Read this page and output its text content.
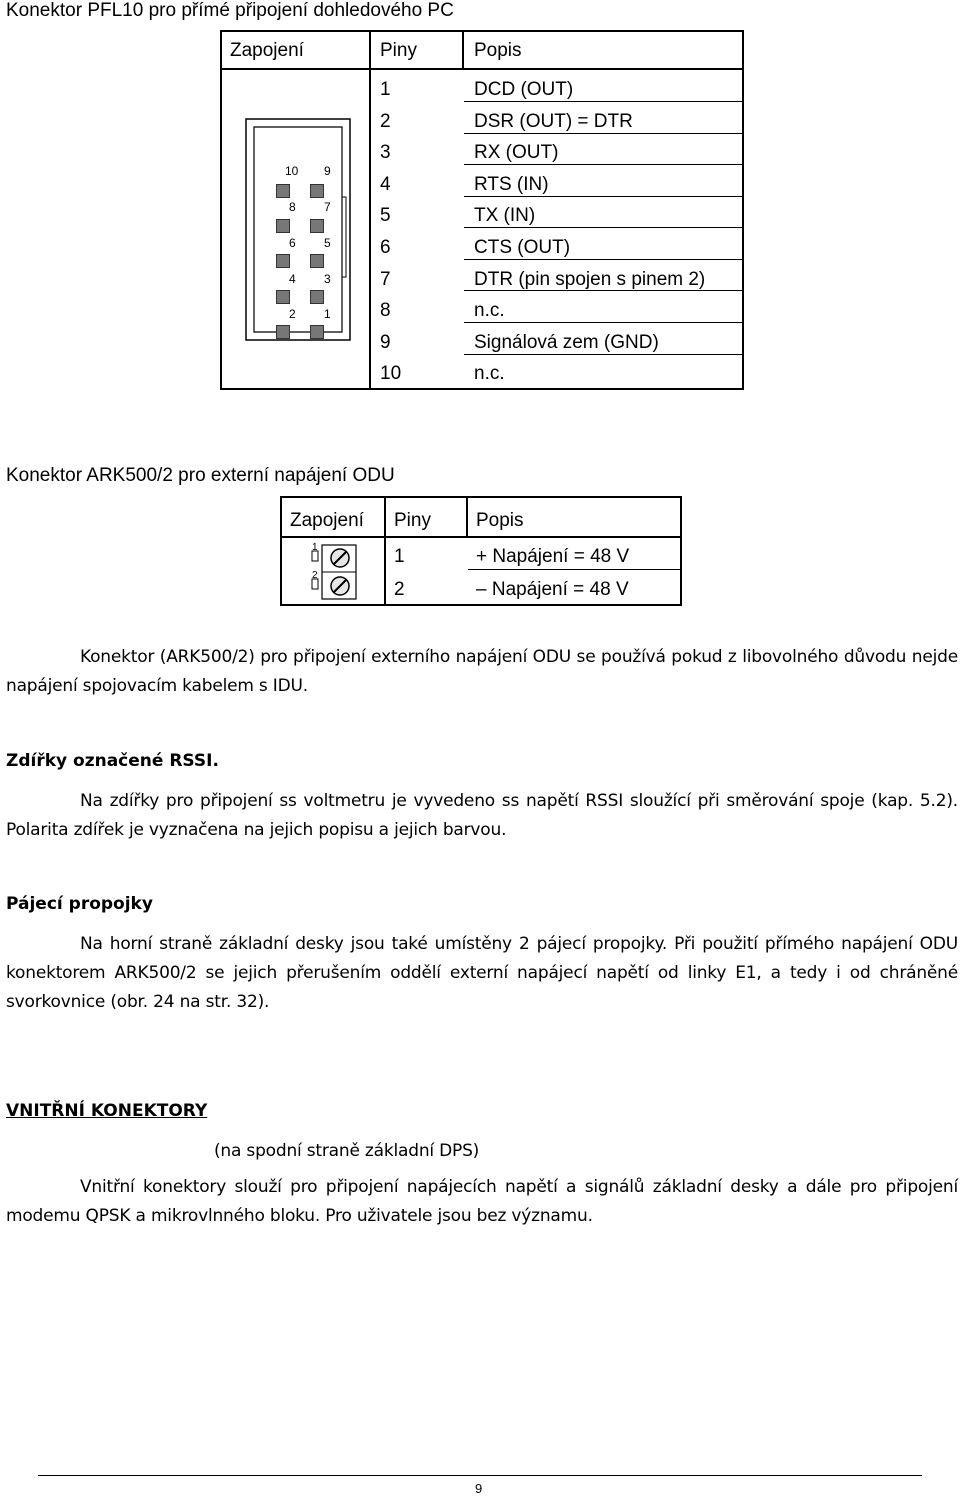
Konektor PFL10 pro přímé připojení dohledového PC
Zapojení	Piny	Popis
10 9
8 7
6 5
4 3
2 1
1	DCD (OUT)
2	DSR (OUT) = DTR
3	RX (OUT)
4	RTS (IN)
5	TX (IN)
6	CTS (OUT)
7	DTR (pin spojen s pinem 2)
8	n.c.
9	Signálová zem (GND)
10	n.c.
Konektor ARK500/2 pro externí napájení ODU
Zapojení Piny Popis
1
2
1	+ Napájení = 48 V
2	– Napájení = 48 V
Konektor (ARK500/2) pro připojení externího napájení ODU se používá pokud z libovolného důvodu nejde napájení spojovacím kabelem s IDU.
Zdířky označené RSSI.
Na zdířky pro připojení ss voltmetru je vyvedeno ss napětí RSSI sloužící při směrování spoje (kap. 5.2). Polarita zdířek je vyznačena na jejich popisu a jejich barvou.
Pájecí propojky
Na horní straně základní desky jsou také umístěny 2 pájecí propojky. Při použití přímého napájení ODU konektorem ARK500/2 se jejich přerušením oddělí externí napájecí napětí od linky E1, a tedy i od chráněné svorkovnice (obr. 24 na str. 32).
VNITŘNÍ KONEKTORY
(na spodní straně základní DPS)
Vnitřní konektory slouží pro připojení napájecích napětí a signálů základní desky a dále pro připojení modemu QPSK a mikrovlnného bloku. Pro uživatele jsou bez významu.
9
